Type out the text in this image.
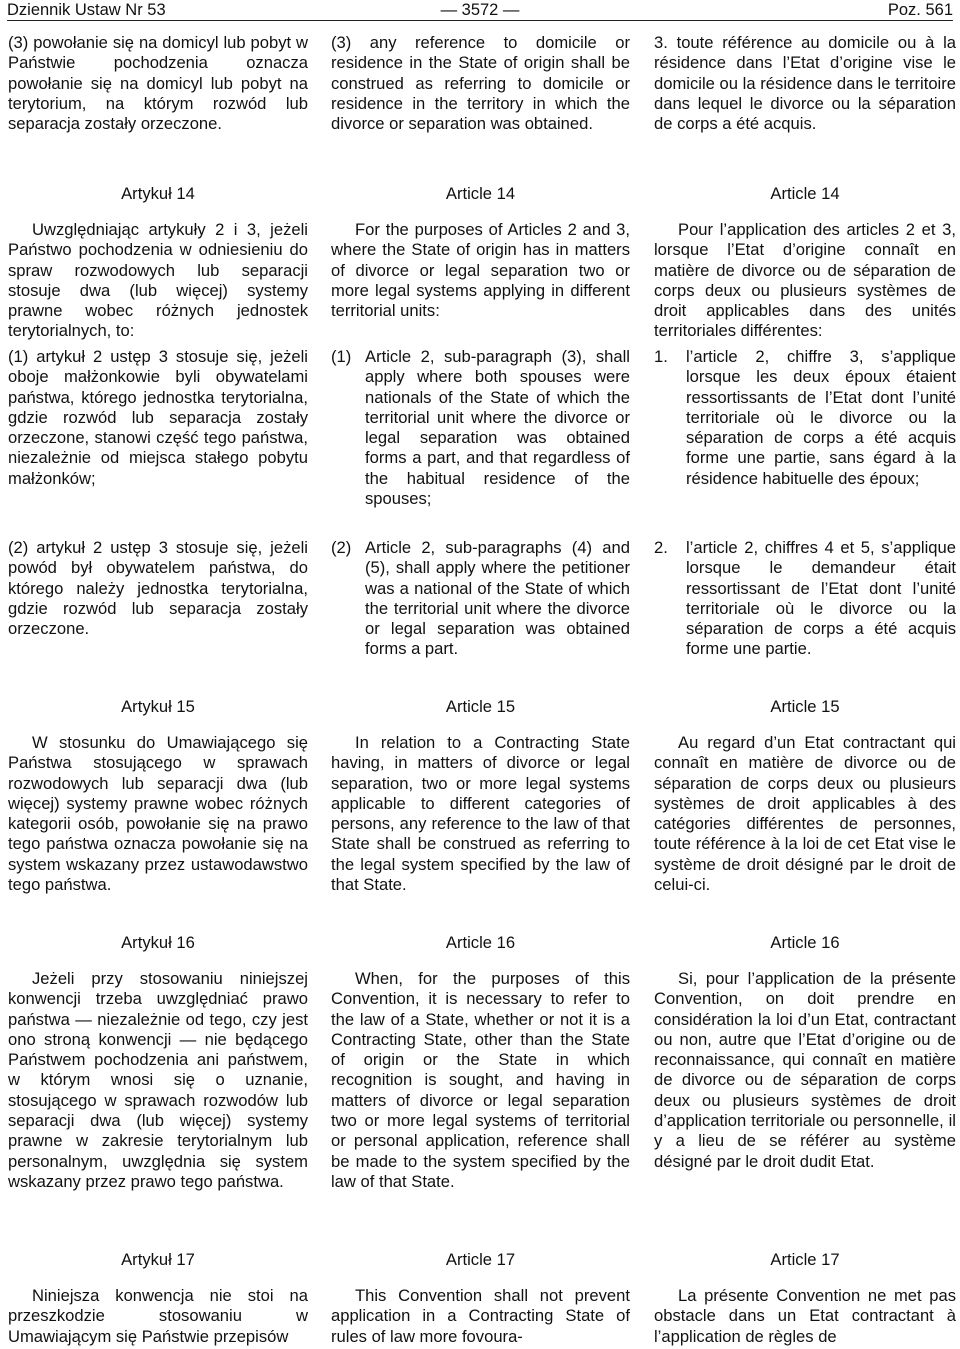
Dziennik Ustaw Nr 53	— 3572 —	Poz. 561

(3) powołanie się na domicyl lub pobyt w Państwie pochodzenia oznacza powołanie się na domicyl lub pobyt na terytorium, na którym rozwód lub separacja zostały orzeczone.

Artykuł 14

Uwzględniając artykuły 2 i 3, jeżeli Państwo pochodzenia w odniesieniu do spraw rozwodowych lub separacji stosuje dwa (lub więcej) systemy prawne wobec różnych jednostek terytorialnych, to:

(1) artykuł 2 ustęp 3 stosuje się, jeżeli oboje małżonkowie byli obywatelami państwa, którego jednostka terytorialna, gdzie rozwód lub separacja zostały orzeczone, stanowi część tego państwa, niezależnie od miejsca stałego pobytu małżonków;

(2) artykuł 2 ustęp 3 stosuje się, jeżeli powód był obywatelem państwa, do którego należy jednostka terytorialna, gdzie rozwód lub separacja zostały orzeczone.

Artykuł 15

W stosunku do Umawiającego się Państwa stosującego w sprawach rozwodowych lub separacji dwa (lub więcej) systemy prawne wobec różnych kategorii osób, powołanie się na prawo tego państwa oznacza powołanie się na system wskazany przez ustawodawstwo tego państwa.

Artykuł 16

Jeżeli przy stosowaniu niniejszej konwencji trzeba uwzględniać prawo państwa — niezależnie od tego, czy jest ono stroną konwencji — nie będącego Państwem pochodzenia ani państwem, w którym wnosi się o uznanie, stosującego w sprawach rozwodów lub separacji dwa (lub więcej) systemy prawne w zakresie terytorialnym lub personalnym, uwzględnia się system wskazany przez prawo tego państwa.

Artykuł 17

Niniejsza konwencja nie stoi na przeszkodzie stosowaniu w Umawiającym się Państwie przepisów

(3) any reference to domicile or residence in the State of origin shall be construed as referring to domicile or residence in the territory in which the divorce or separation was obtained.

Article 14

For the purposes of Articles 2 and 3, where the State of origin has in matters of divorce or legal separation two or more legal systems applying in different territorial units:

(1) Article 2, sub-paragraph (3), shall apply where both spouses were nationals of the State of which the territorial unit where the divorce or legal separation was obtained forms a part, and that regardless of the habitual residence of the spouses;

(2) Article 2, sub-paragraphs (4) and (5), shall apply where the petitioner was a national of the State of which the territorial unit where the divorce or legal separation was obtained forms a part.

Article 15

In relation to a Contracting State having, in matters of divorce or legal separation, two or more legal systems applicable to different categories of persons, any reference to the law of that State shall be construed as referring to the legal system specified by the law of that State.

Article 16

When, for the purposes of this Convention, it is necessary to refer to the law of a State, whether or not it is a Contracting State, other than the State of origin or the State in which recognition is sought, and having in matters of divorce or legal separation two or more legal systems of territorial or personal application, reference shall be made to the system specified by the law of that State.

Article 17

This Convention shall not prevent application in a Contracting State of rules of law more fovoura-

3. toute référence au domicile ou à la résidence dans l’Etat d’origine vise le domicile ou la résidence dans le territoire dans lequel le divorce ou la séparation de corps a été acquis.

Article 14

Pour l’application des articles 2 et 3, lorsque l’Etat d’origine connaît en matière de divorce ou de séparation de corps deux ou plusieurs systèmes de droit applicables dans des unités territoriales différentes:

1. l’article 2, chiffre 3, s’applique lorsque les deux époux étaient ressortissants de l’Etat dont l’unité territoriale où le divorce ou la séparation de corps a été acquis forme une partie, sans égard à la résidence habituelle des époux;

2. l’article 2, chiffres 4 et 5, s’applique lorsque le demandeur était ressortissant de l’Etat dont l’unité territoriale où le divorce ou la séparation de corps a été acquis forme une partie.

Article 15

Au regard d’un Etat contractant qui connaît en matière de divorce ou de séparation de corps deux ou plusieurs systèmes de droit applicables à des catégories différentes de personnes, toute référence à la loi de cet Etat vise le système de droit désigné par le droit de celui-ci.

Article 16

Si, pour l’application de la présente Convention, on doit prendre en considération la loi d’un Etat, contractant ou non, autre que l’Etat d’origine ou de reconnaissance, qui connaît en matière de divorce ou de séparation de corps deux ou plusieurs systèmes de droit d’application territoriale ou personnelle, il y a lieu de se référer au système désigné par le droit dudit Etat.

Article 17

La présente Convention ne met pas obstacle dans un Etat contractant à l’application de règles de
